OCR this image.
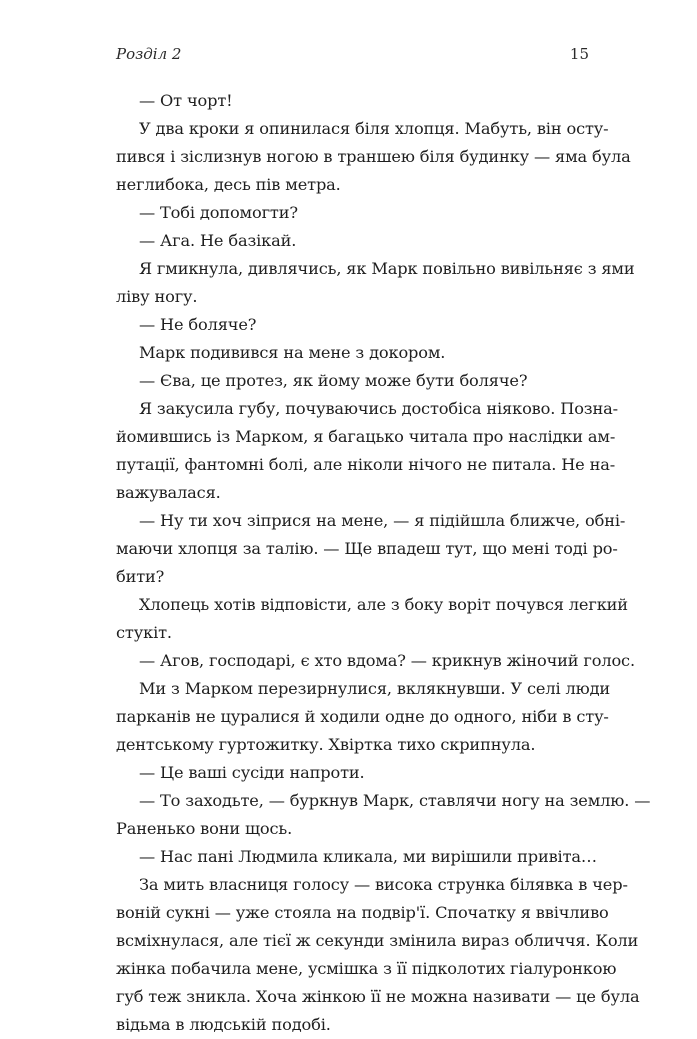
Розділ 2	15
— От чорт!
У два кроки я опинилася біля хлопця. Мабуть, він осту-
пився і зіслизнув ногою в траншею біля будинку — яма була
неглибока, десь пів метра.
— Тобі допомогти?
— Ага. Не базікай.
Я гмикнула, дивлячись, як Марк повільно вивільняє з ями
ліву ногу.
— Не боляче?
Марк подивився на мене з докором.
— Єва, це протез, як йому може бути боляче?
Я закусила губу, почуваючись достобіса ніяково. Позна-
йомившись із Марком, я багацько читала про наслідки ам-
путації, фантомні болі, але ніколи нічого не питала. Не на-
важувалася.
— Ну ти хоч зіприся на мене, — я підійшла ближче, обні-
маючи хлопця за талію. — Ще впадеш тут, що мені тоді ро-
бити?
Хлопець хотів відповісти, але з боку воріт почувся легкий
стукіт.
— Агов, господарі, є хто вдома? — крикнув жіночий голос.
Ми з Марком перезирнулися, вклякнувши. У селі люди
парканів не цуралися й ходили одне до одного, ніби в сту-
дентському гуртожитку. Хвіртка тихо скрипнула.
— Це ваші сусіди напроти.
— То заходьте, — буркнув Марк, ставлячи ногу на землю. —
Раненько вони щось.
— Нас пані Людмила кликала, ми вирішили привіта…
За мить власниця голосу — висока струнка білявка в чер-
воній сукні — уже стояла на подвір'ї. Спочатку я ввічливо
всміхнулася, але тієї ж секунди змінила вираз обличчя. Коли
жінка побачила мене, усмішка з її підколотих гіалуронкою
губ теж зникла. Хоча жінкою її не можна називати — це була
відьма в людській подобі.
